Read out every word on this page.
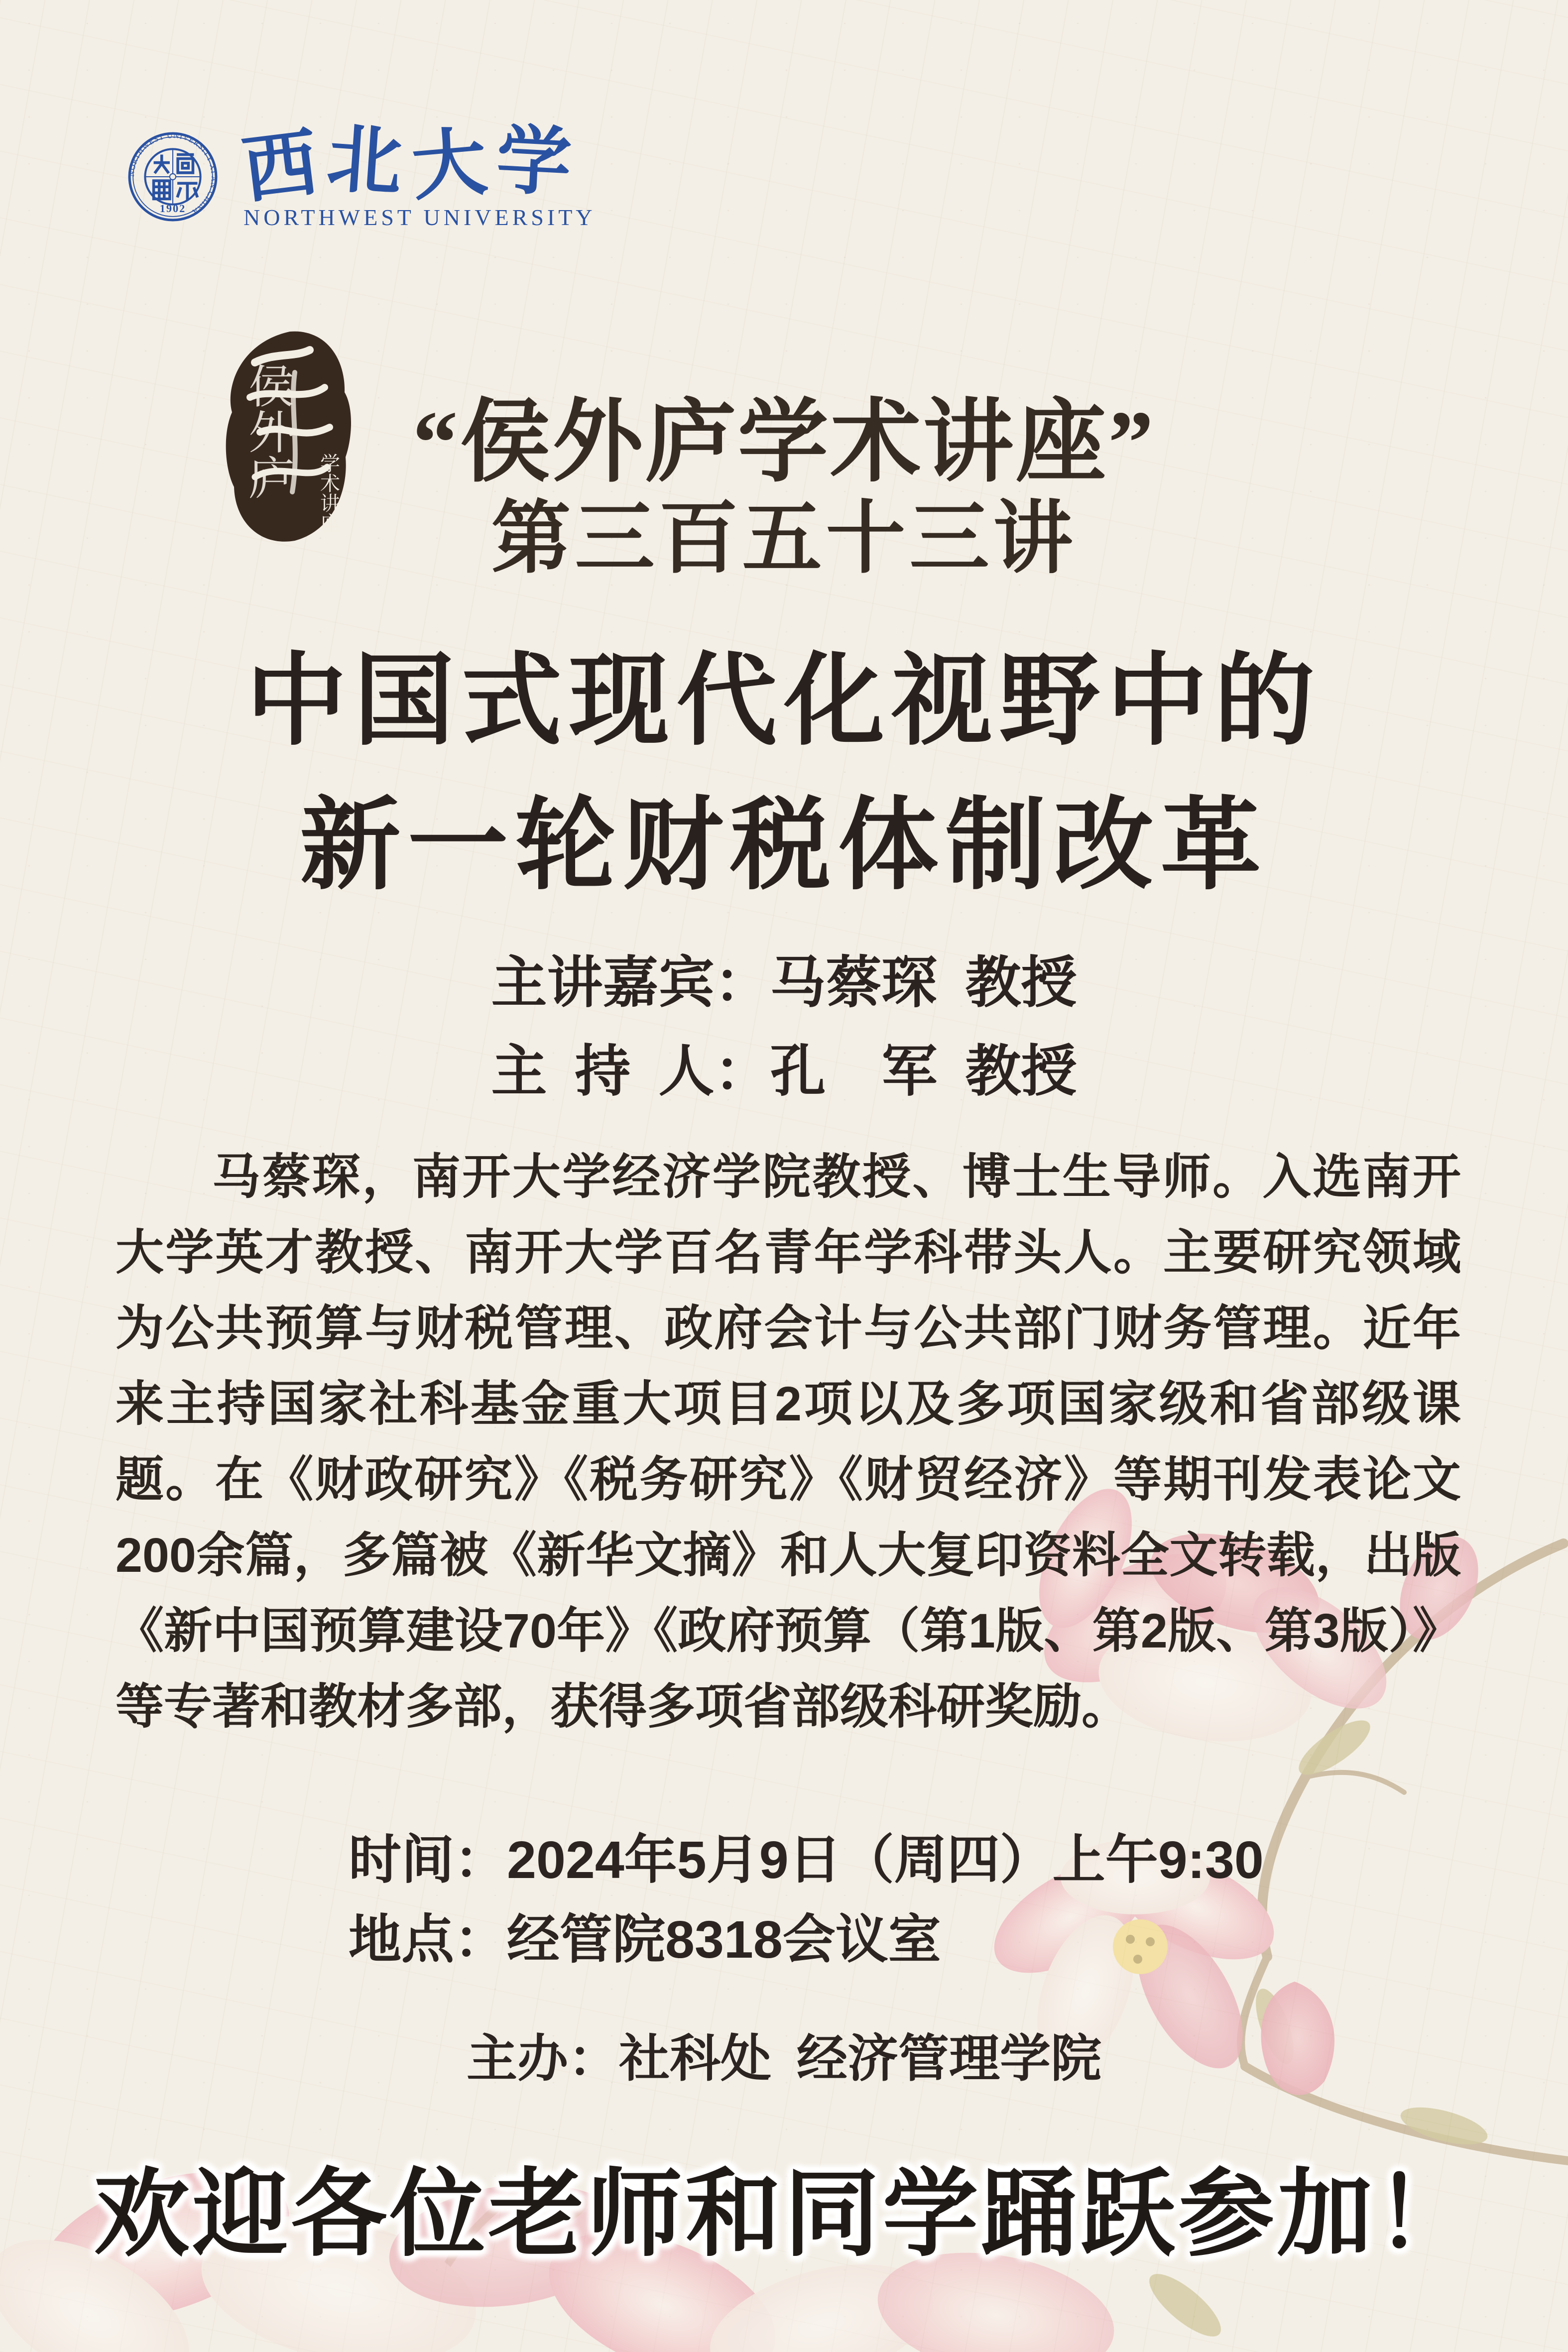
NORTHWEST UNIVERSITY XI'AN CHINA
1902 西 北 大 学
NORTHWEST UNIVERSITY
侯外庐 学术讲座 “侯外庐学术讲座”
第三百五十三讲
中国式现代化视野中的
新一轮财税体制改革
主讲嘉宾：马蔡琛 教授
主 持 人：孔　军 教授
马蔡琛，南开大学经济学院教授、博士生导师。入选南开大学英才教授、南开大学百名青年学科带头人。主要研究领域为公共预算与财税管理、政府会计与公共部门财务管理。近年来主持国家社科基金重大项目2项以及多项国家级和省部级课题。在《财政研究》《税务研究》《财贸经济》等期刊发表论文200余篇，多篇被《新华文摘》和人大复印资料全文转载，出版《新中国预算建设70年》《政府预算（第1版、第2版、第3版）》等专著和教材多部，获得多项省部级科研奖励。
时间：2024年5月9日（周四）上午9:30
地点：经管院8318会议室
主办：社科处 经济管理学院
欢迎各位老师和同学踊跃参加！
